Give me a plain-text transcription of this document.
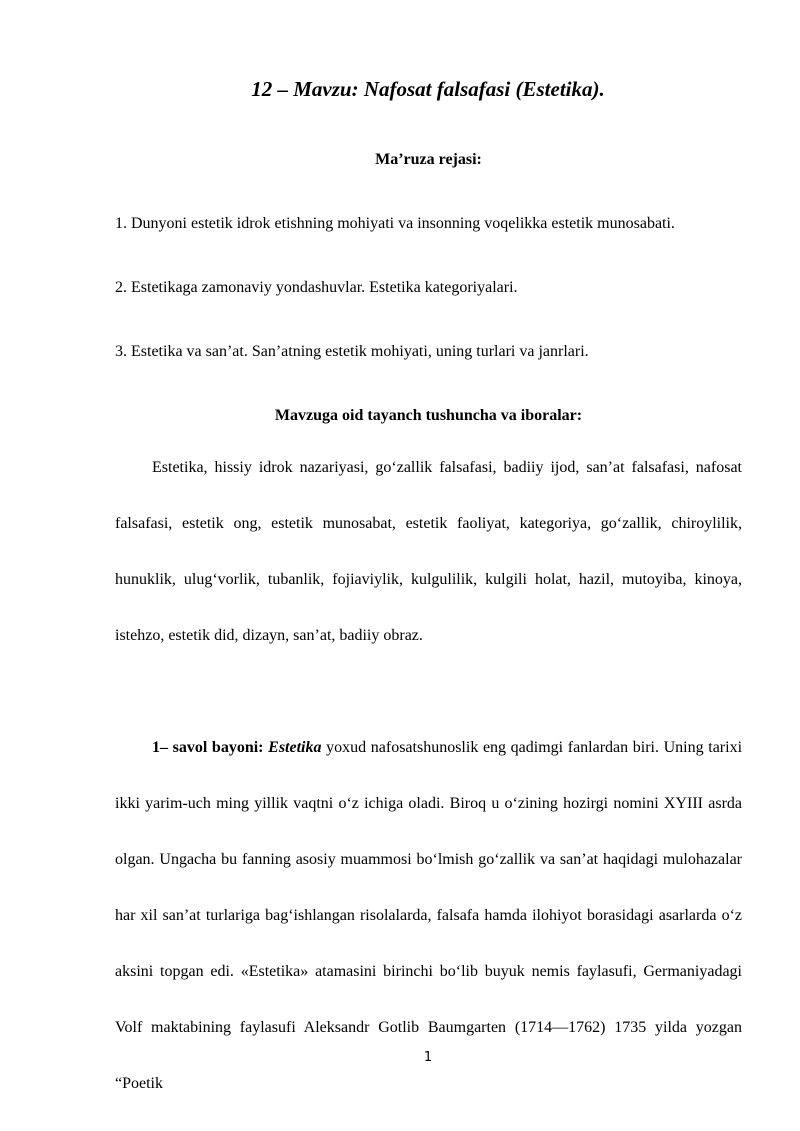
12 – Mavzu: Nafosat falsafasi (Estetika).
Ma’ruza rejasi:
1. Dunyoni estetik idrok etishning mohiyati va insonning voqelikka estetik munosabati.
2. Estetikaga zamonaviy yondashuvlar. Estetika kategoriyalari.
3. Estetika va san’at. San’atning estetik mohiyati, uning turlari va janrlari.
Mavzuga oid tayanch tushuncha va iboralar:

Estetika, hissiy idrok nazariyasi, go‘zallik falsafasi, badiiy ijod, san’at falsafasi, nafosat falsafasi, estetik ong, estetik munosabat, estetik faoliyat, kategoriya, go‘zallik, chiroylilik, hunuklik, ulug‘vorlik, tubanlik, fojiaviylik, kulgulilik, kulgili holat, hazil, mutoyiba, kinoya, istehzo, estetik did, dizayn, san’at, badiiy obraz.

1– savol bayoni: Estetika yoxud nafosatshunoslik eng qadimgi fanlardan biri. Uning tarixi ikki yarim-uch ming yillik vaqtni o‘z ichiga oladi. Biroq u o‘zining hozirgi nomini XYIII asrda olgan. Ungacha bu fanning asosiy muammosi bo‘lmish go‘zallik va san’at haqidagi mulohazalar har xil san’at turlariga bag‘ishlangan risolalarda, falsafa hamda ilohiyot borasidagi asarlarda o‘z aksini topgan edi. «Estetika» atamasini birinchi bo‘lib buyuk nemis faylasufi, Germaniyadagi Volf maktabining faylasufi Aleksandr Gotlib Baumgarten (1714—1762) 1735 yilda yozgan “Poetik

1
